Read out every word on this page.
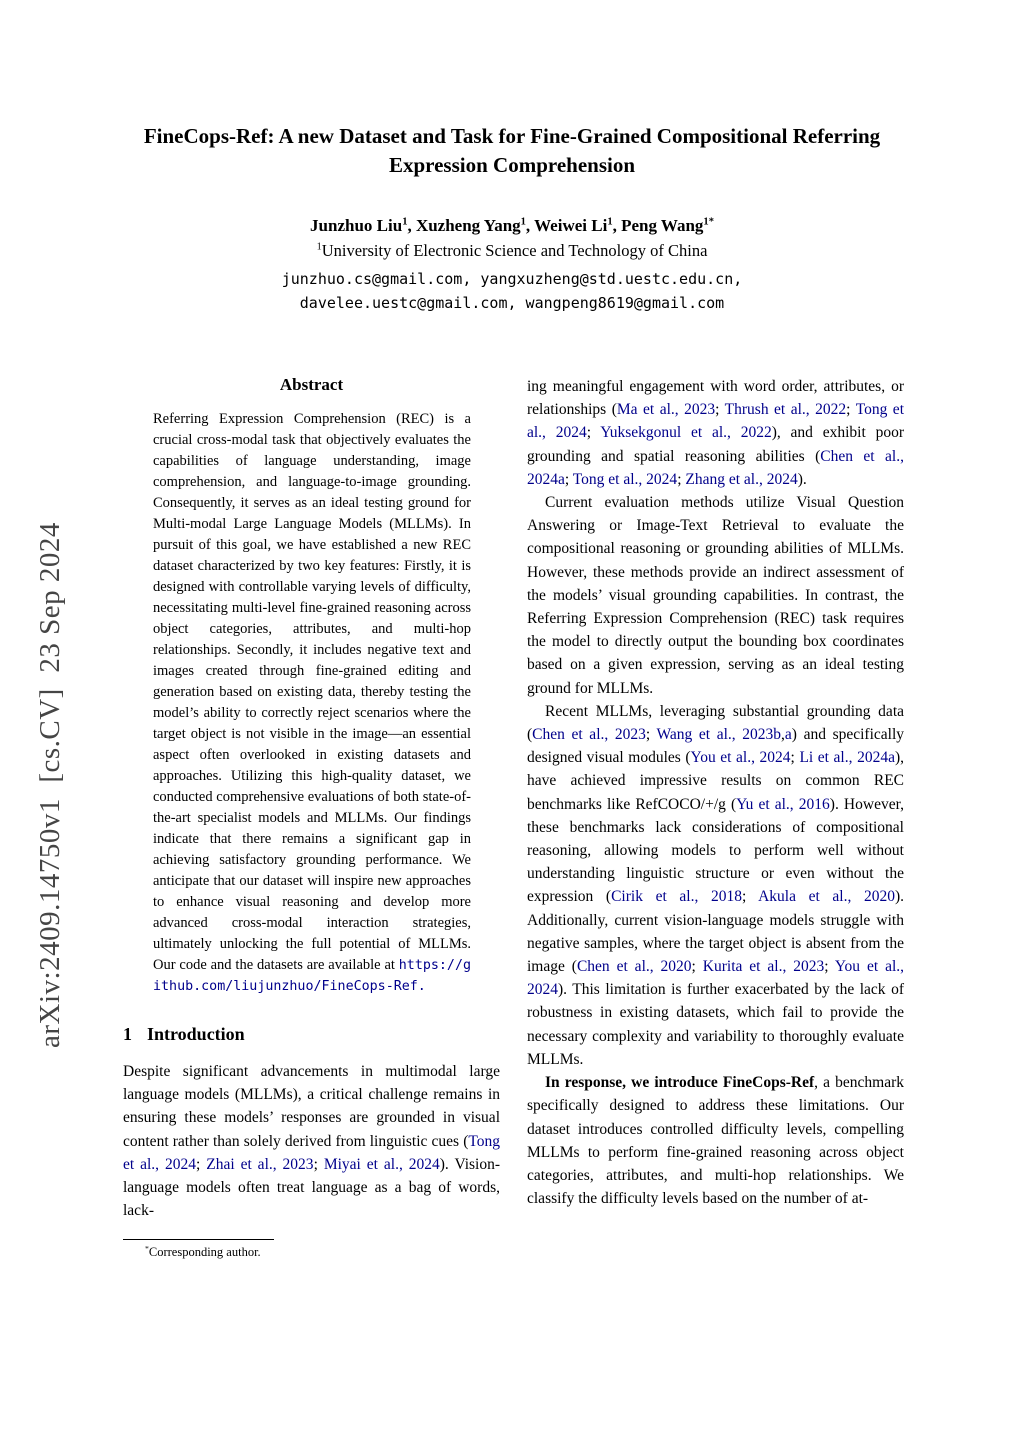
arXiv:2409.14750v1  [cs.CV]  23 Sep 2024
FineCops-Ref: A new Dataset and Task for Fine-Grained Compositional Referring Expression Comprehension
Junzhuo Liu$^1$, Xuzheng Yang$^1$, Weiwei Li$^1$, Peng Wang$^{1*}$
$^1$University of Electronic Science and Technology of China
junzhuo.cs@gmail.com, yangxuzheng@std.uestc.edu.cn,
davelee.uestc@gmail.com, wangpeng8619@gmail.com
Abstract
Referring Expression Comprehension (REC) is a crucial cross-modal task that objectively evaluates the capabilities of language understanding, image comprehension, and language-to-image grounding. Consequently, it serves as an ideal testing ground for Multi-modal Large Language Models (MLLMs). In pursuit of this goal, we have established a new REC dataset characterized by two key features: Firstly, it is designed with controllable varying levels of difficulty, necessitating multi-level fine-grained reasoning across object categories, attributes, and multi-hop relationships. Secondly, it includes negative text and images created through fine-grained editing and generation based on existing data, thereby testing the model’s ability to correctly reject scenarios where the target object is not visible in the image—an essential aspect often overlooked in existing datasets and approaches. Utilizing this high-quality dataset, we conducted comprehensive evaluations of both state-of-the-art specialist models and MLLMs. Our findings indicate that there remains a significant gap in achieving satisfactory grounding performance. We anticipate that our dataset will inspire new approaches to enhance visual reasoning and develop more advanced cross-modal interaction strategies, ultimately unlocking the full potential of MLLMs. Our code and the datasets are available at https://github.com/liujunzhuo/FineCops-Ref.
1 Introduction

Despite significant advancements in multimodal large language models (MLLMs), a critical challenge remains in ensuring these models’ responses are grounded in visual content rather than solely derived from linguistic cues (Tong et al., 2024; Zhai et al., 2023; Miyai et al., 2024). Vision-language models often treat language as a bag of words, lack-

*Corresponding author.

ing meaningful engagement with word order, attributes, or relationships (Ma et al., 2023; Thrush et al., 2022; Tong et al., 2024; Yuksekgonul et al., 2022), and exhibit poor grounding and spatial reasoning abilities (Chen et al., 2024a; Tong et al., 2024; Zhang et al., 2024).

Current evaluation methods utilize Visual Question Answering or Image-Text Retrieval to evaluate the compositional reasoning or grounding abilities of MLLMs. However, these methods provide an indirect assessment of the models’ visual grounding capabilities. In contrast, the Referring Expression Comprehension (REC) task requires the model to directly output the bounding box coordinates based on a given expression, serving as an ideal testing ground for MLLMs.

Recent MLLMs, leveraging substantial grounding data (Chen et al., 2023; Wang et al., 2023b,a) and specifically designed visual modules (You et al., 2024; Li et al., 2024a), have achieved impressive results on common REC benchmarks like RefCOCO/+/g (Yu et al., 2016). However, these benchmarks lack considerations of compositional reasoning, allowing models to perform well without understanding linguistic structure or even without the expression (Cirik et al., 2018; Akula et al., 2020). Additionally, current vision-language models struggle with negative samples, where the target object is absent from the image (Chen et al., 2020; Kurita et al., 2023; You et al., 2024). This limitation is further exacerbated by the lack of robustness in existing datasets, which fail to provide the necessary complexity and variability to thoroughly evaluate MLLMs.

In response, we introduce FineCops-Ref, a benchmark specifically designed to address these limitations. Our dataset introduces controlled difficulty levels, compelling MLLMs to perform fine-grained reasoning across object categories, attributes, and multi-hop relationships. We classify the difficulty levels based on the number of at-
